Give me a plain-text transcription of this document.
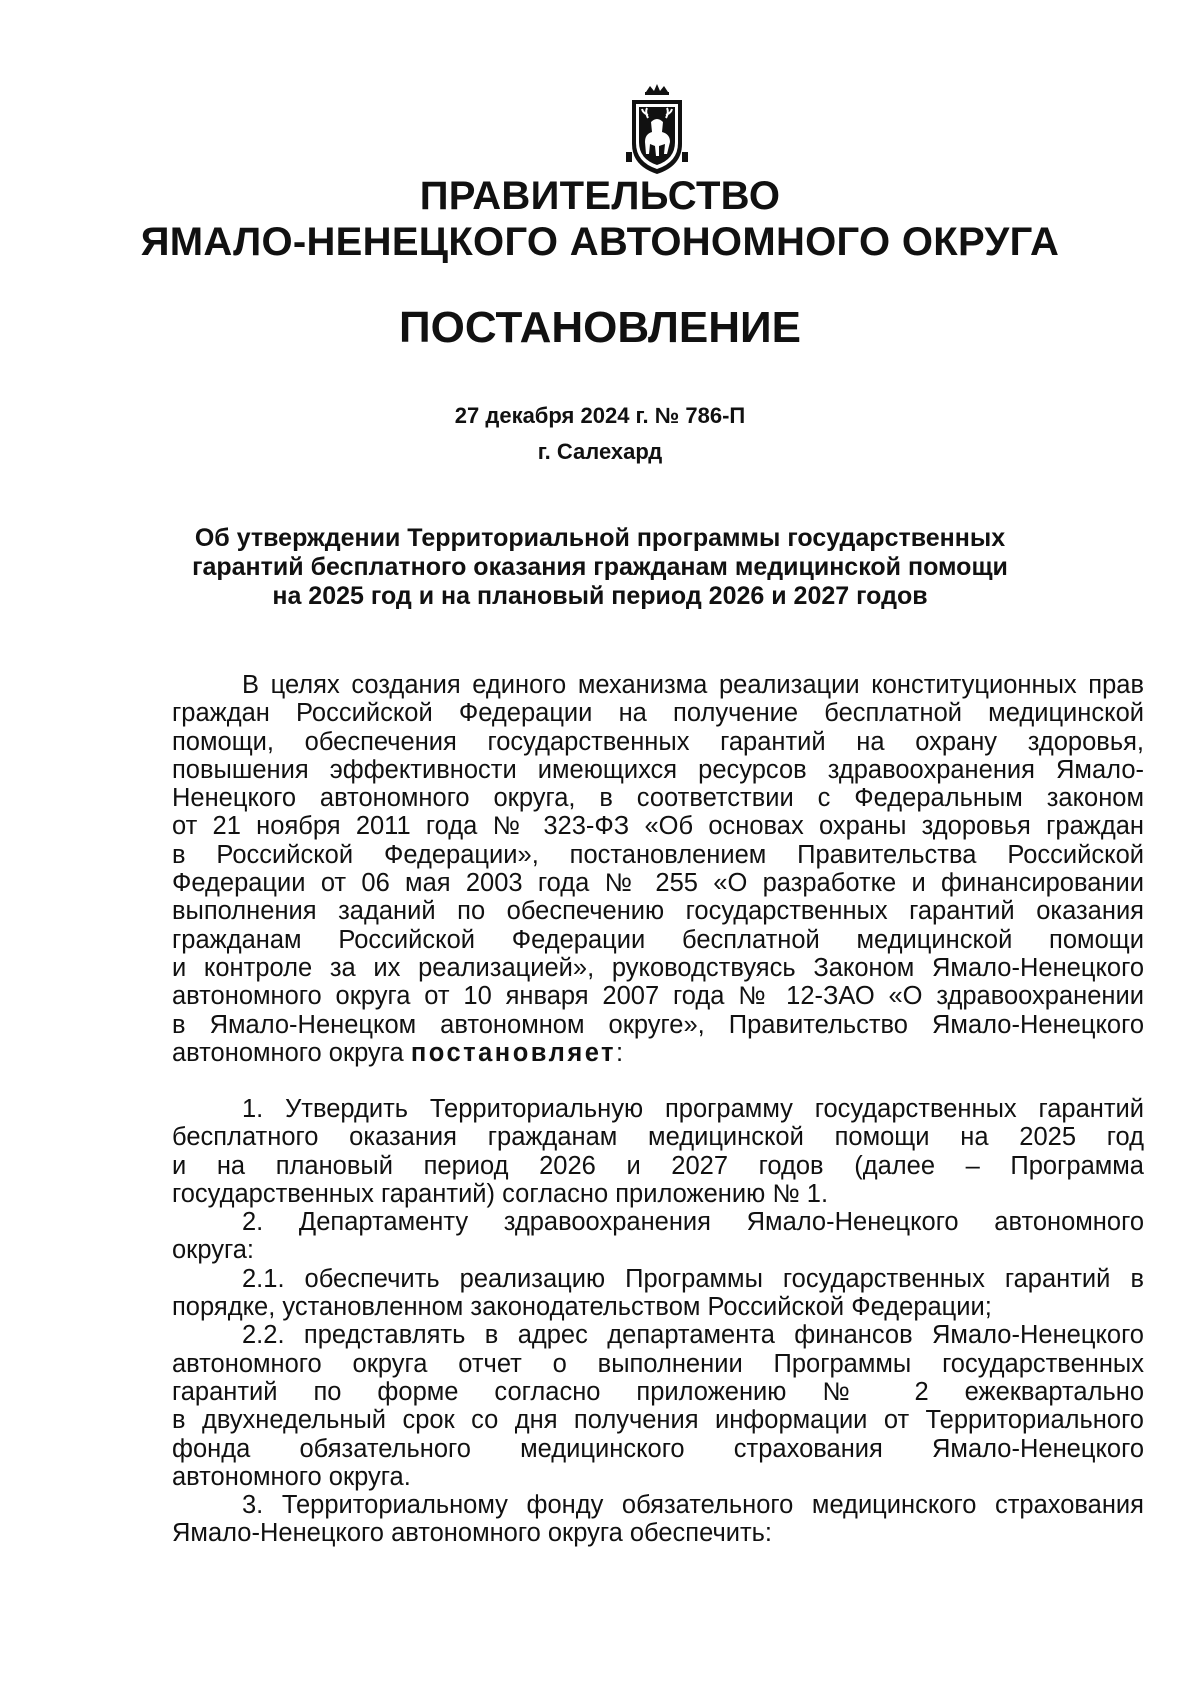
ПРАВИТЕЛЬСТВО
ЯМАЛО-НЕНЕЦКОГО АВТОНОМНОГО ОКРУГА
ПОСТАНОВЛЕНИЕ
27 декабря 2024 г. № 786-П
г. Салехард
Об утверждении Территориальной программы государственных
гарантий бесплатного оказания гражданам медицинской помощи
на 2025 год и на плановый период 2026 и 2027 годов
В целях создания единого механизма реализации конституционных прав
граждан Российской Федерации на получение бесплатной медицинской
помощи, обеспечения государственных гарантий на охрану здоровья,
повышения эффективности имеющихся ресурсов здравоохранения Ямало-
Ненецкого автономного округа, в соответствии с Федеральным законом
от 21 ноября 2011 года № 323-ФЗ «Об основах охраны здоровья граждан
в Российской Федерации», постановлением Правительства Российской
Федерации от 06 мая 2003 года № 255 «О разработке и финансировании
выполнения заданий по обеспечению государственных гарантий оказания
гражданам Российской Федерации бесплатной медицинской помощи
и контроле за их реализацией», руководствуясь Законом Ямало-Ненецкого
автономного округа от 10 января 2007 года № 12-ЗАО «О здравоохранении
в Ямало-Ненецком автономном округе», Правительство Ямало-Ненецкого
автономного округа постановляет:
1. Утвердить Территориальную программу государственных гарантий
бесплатного оказания гражданам медицинской помощи на 2025 год
и на плановый период 2026 и 2027 годов (далее – Программа
государственных гарантий) согласно приложению № 1.
2. Департаменту здравоохранения Ямало-Ненецкого автономного
округа:
2.1. обеспечить реализацию Программы государственных гарантий в
порядке, установленном законодательством Российской Федерации;
2.2. представлять в адрес департамента финансов Ямало-Ненецкого
автономного округа отчет о выполнении Программы государственных
гарантий по форме согласно приложению № 2 ежеквартально
в двухнедельный срок со дня получения информации от Территориального
фонда обязательного медицинского страхования Ямало-Ненецкого
автономного округа.
3. Территориальному фонду обязательного медицинского страхования
Ямало-Ненецкого автономного округа обеспечить:
